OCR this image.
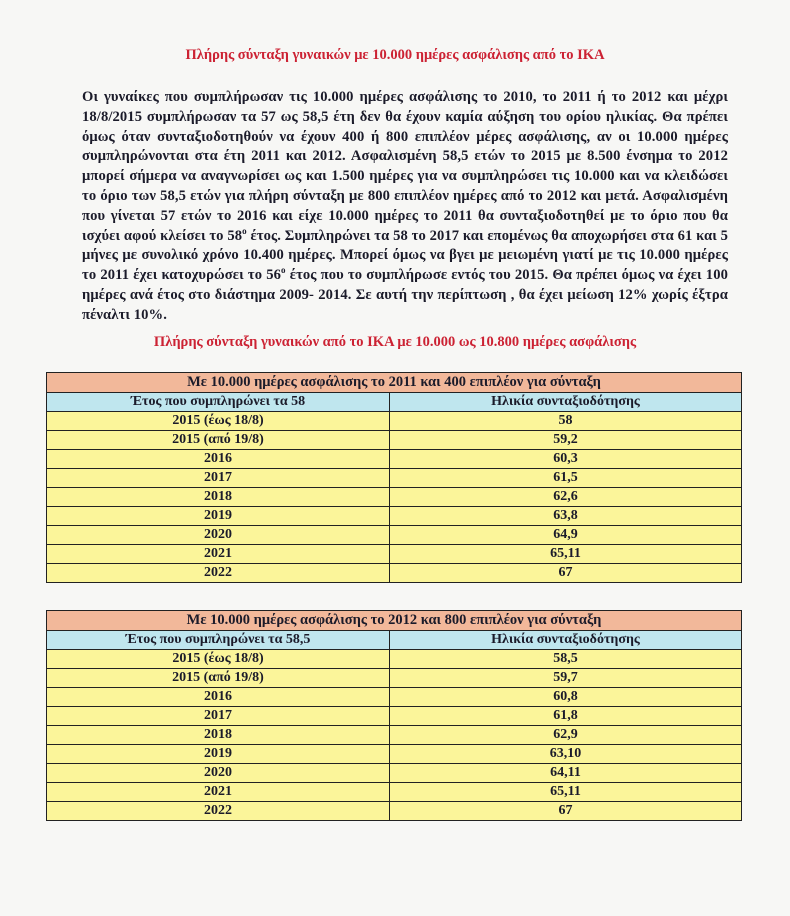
Πλήρης σύνταξη γυναικών με 10.000 ημέρες ασφάλισης από το ΙΚΑ
Οι γυναίκες που συμπλήρωσαν τις 10.000 ημέρες ασφάλισης το 2010, το 2011 ή το 2012 και μέχρι 18/8/2015 συμπλήρωσαν τα 57 ως 58,5 έτη δεν θα έχουν καμία αύξηση του ορίου ηλικίας. Θα πρέπει όμως όταν συνταξιοδοτηθούν να έχουν 400 ή 800 επιπλέον μέρες ασφάλισης, αν οι 10.000 ημέρες συμπληρώνονται στα έτη 2011 και 2012. Ασφαλισμένη 58,5 ετών το 2015 με 8.500 ένσημα το 2012 μπορεί σήμερα να αναγνωρίσει ως και 1.500 ημέρες για να συμπληρώσει τις 10.000 και να κλειδώσει το όριο των 58,5 ετών για πλήρη σύνταξη με 800 επιπλέον ημέρες από το 2012 και μετά. Ασφαλισμένη που γίνεται 57 ετών το 2016 και είχε 10.000 ημέρες το 2011 θα συνταξιοδοτηθεί με το όριο που θα ισχύει αφού κλείσει το $58^o$ έτος. Συμπληρώνει τα 58 το 2017 και επομένως θα αποχωρήσει στα 61 και 5 μήνες με συνολικό χρόνο 10.400 ημέρες. Μπορεί όμως να βγει με μειωμένη γιατί με τις 10.000 ημέρες το 2011 έχει κατοχυρώσει το $56^o$ έτος που το συμπλήρωσε εντός του 2015. Θα πρέπει όμως να έχει 100 ημέρες ανά έτος στο διάστημα 2009- 2014. Σε αυτή την περίπτωση , θα έχει μείωση 12% χωρίς έξτρα πέναλτι 10%.
Πλήρης σύνταξη γυναικών από το ΙΚΑ με 10.000 ως 10.800 ημέρες ασφάλισης
Με 10.000 ημέρες ασφάλισης το 2011 και 400 επιπλέον για σύνταξη	
Έτος που συμπληρώνει τα 58	Ηλικία συνταξιοδότησης
2015 (έως 18/8)	58
2015 (από 19/8)	59,2
2016	60,3
2017	61,5
2018	62,6
2019	63,8
2020	64,9
2021	65,11
2022	67
Με 10.000 ημέρες ασφάλισης το 2012 και 800 επιπλέον για σύνταξη	
Έτος που συμπληρώνει τα 58,5	Ηλικία συνταξιοδότησης
2015 (έως 18/8)	58,5
2015 (από 19/8)	59,7
2016	60,8
2017	61,8
2018	62,9
2019	63,10
2020	64,11
2021	65,11
2022	67
